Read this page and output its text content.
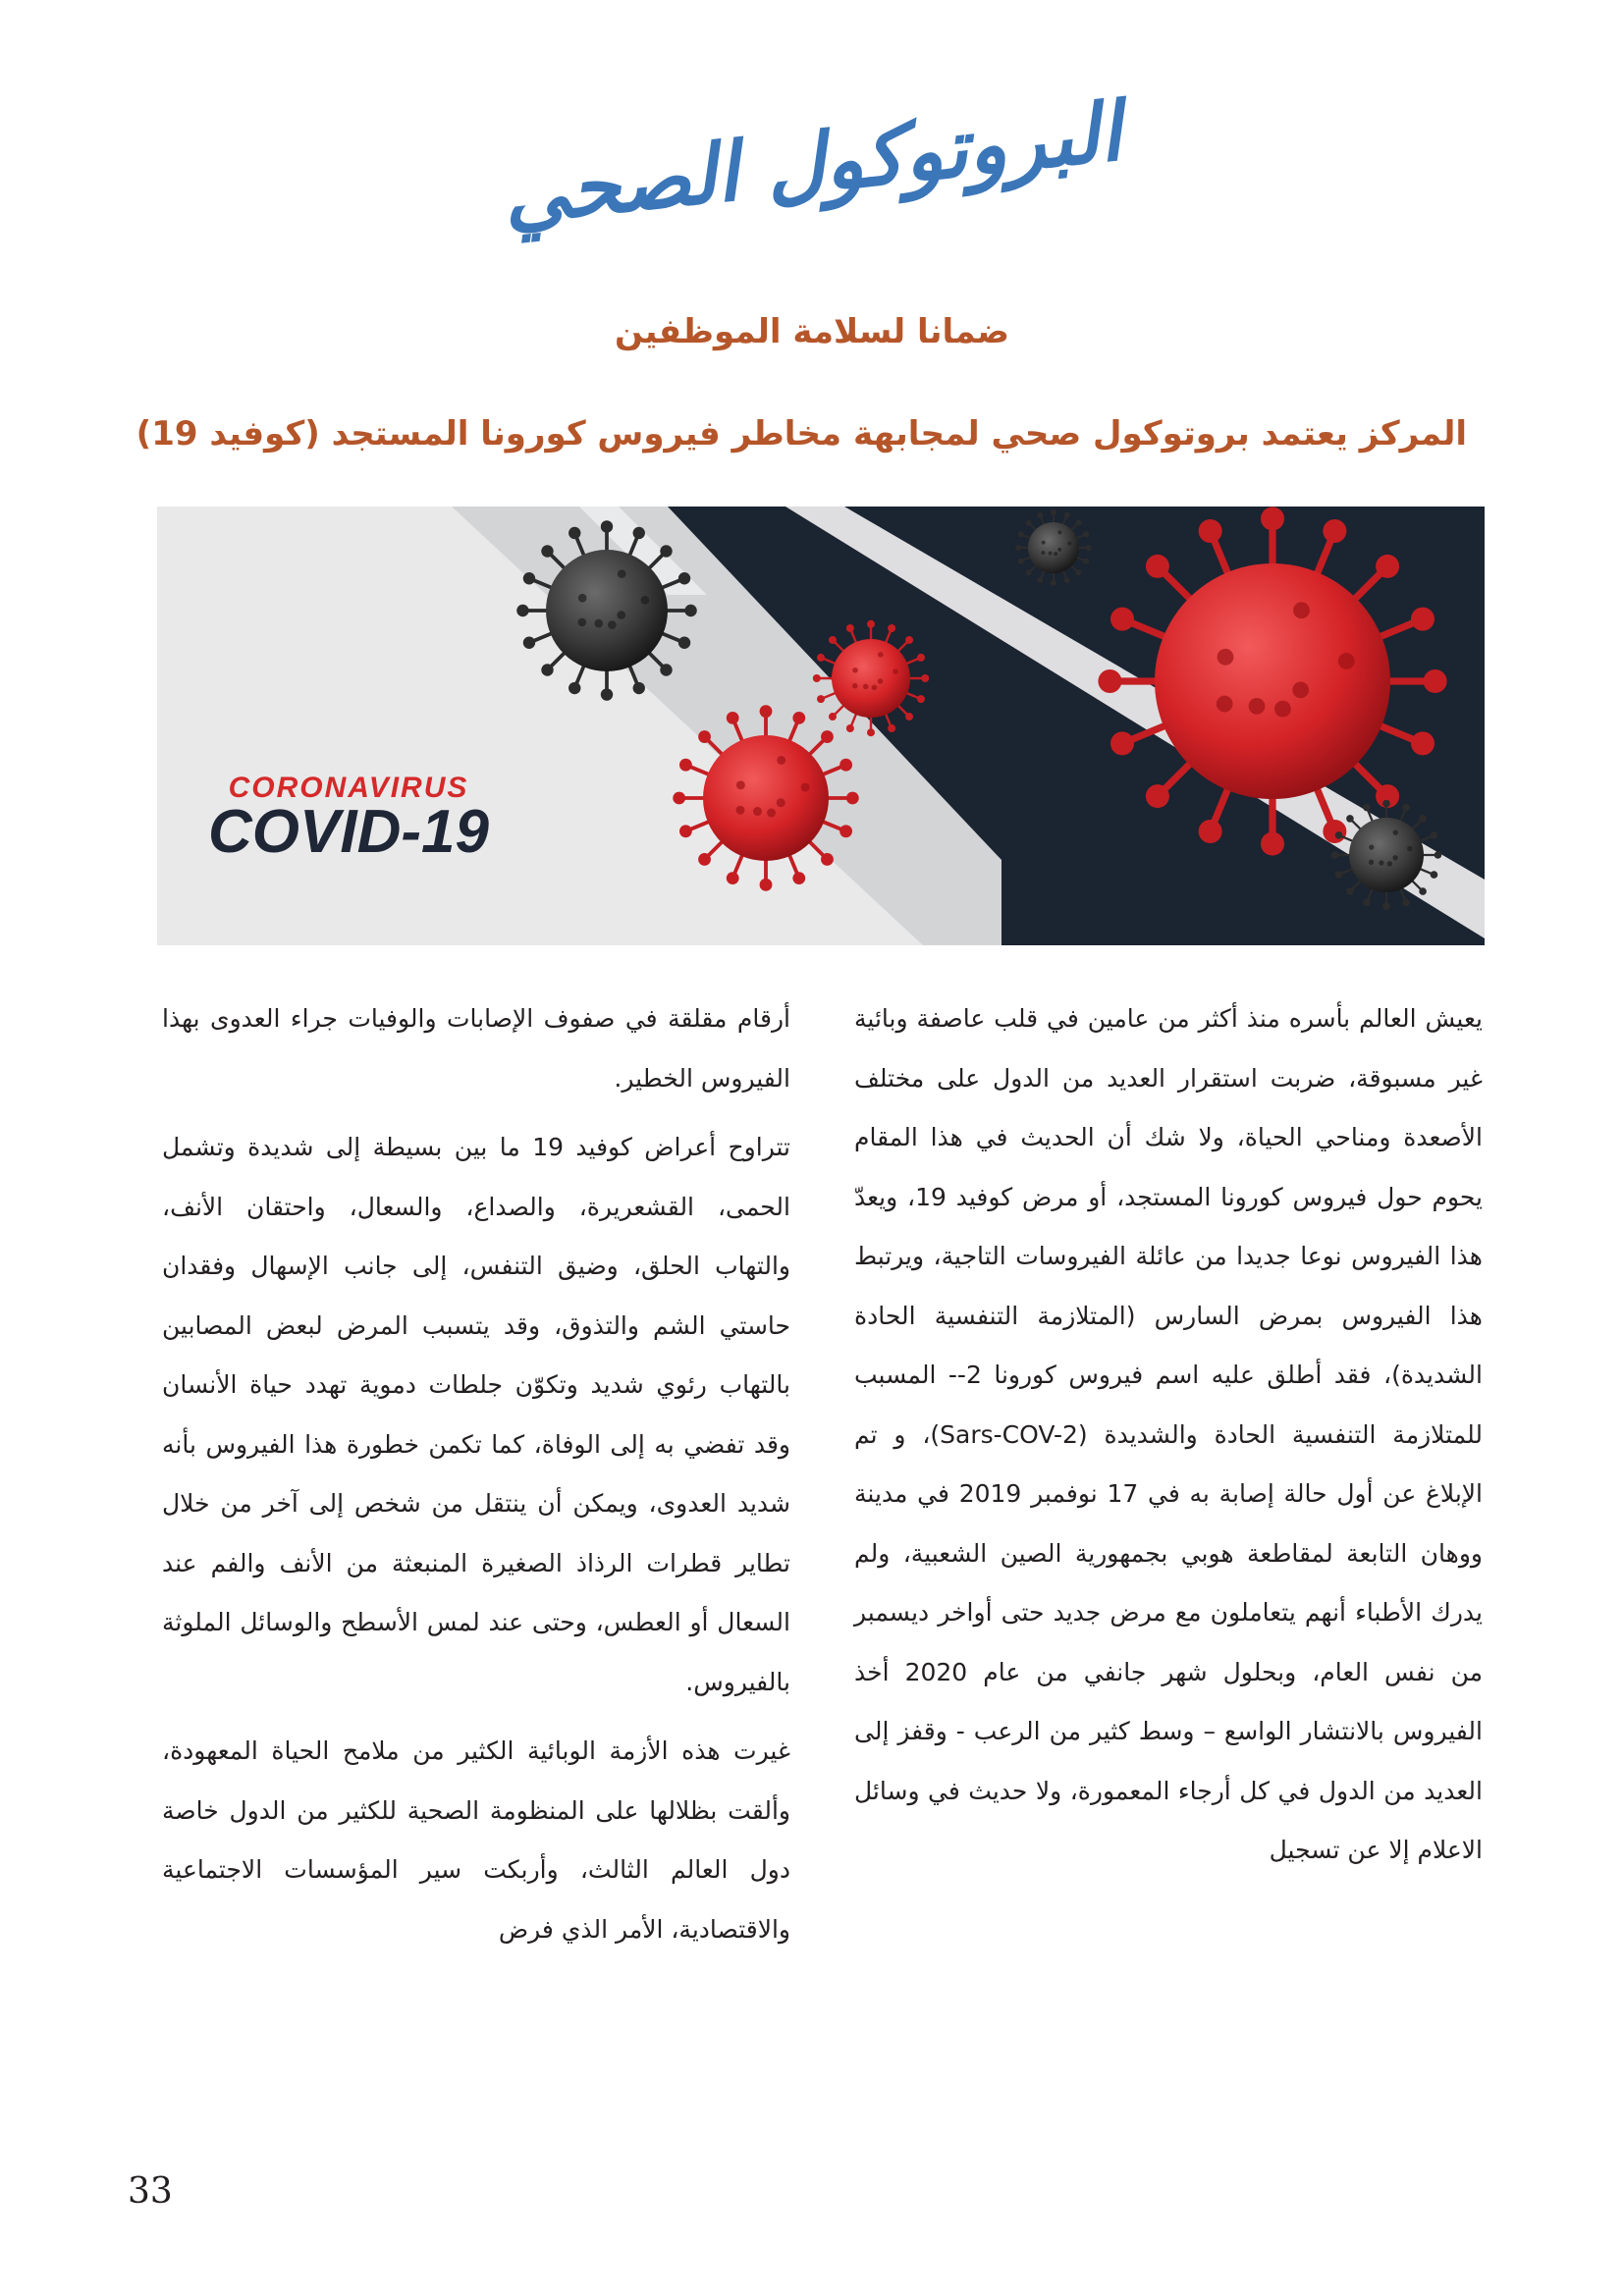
البروتوكول الصحي
ضمانا لسلامة الموظفين
المركز يعتمد بروتوكول صحي لمجابهة مخاطر فيروس كورونا المستجد (كوفيد 19)
CORONAVIRUS
COVID-19

يعيش العالم بأسره منذ أكثر من عامين في قلب عاصفة وبائية غير مسبوقة، ضربت استقرار العديد من الدول على مختلف الأصعدة ومناحي الحياة، ولا شك أن الحديث في هذا المقام يحوم حول فيروس كورونا المستجد، أو مرض كوفيد 19، ويعدّ هذا الفيروس نوعا جديدا من عائلة الفيروسات التاجية، ويرتبط هذا الفيروس بمرض السارس (المتلازمة التنفسية الحادة الشديدة)، فقد أطلق عليه اسم فيروس كورونا 2-- المسبب للمتلازمة التنفسية الحادة والشديدة (Sars-COV-2)، و تم الإبلاغ عن أول حالة إصابة به في 17 نوفمبر 2019 في مدينة ووهان التابعة لمقاطعة هوبي بجمهورية الصين الشعبية، ولم يدرك الأطباء أنهم يتعاملون مع مرض جديد حتى أواخر ديسمبر من نفس العام، وبحلول شهر جانفي من عام 2020 أخذ الفيروس بالانتشار الواسع – وسط كثير من الرعب - وقفز إلى العديد من الدول في كل أرجاء المعمورة، ولا حديث في وسائل الاعلام إلا عن تسجيل

أرقام مقلقة في صفوف الإصابات والوفيات جراء العدوى بهذا الفيروس الخطير.

تتراوح أعراض كوفيد 19 ما بين بسيطة إلى شديدة وتشمل الحمى، القشعريرة، والصداع، والسعال، واحتقان الأنف، والتهاب الحلق، وضيق التنفس، إلى جانب الإسهال وفقدان حاستي الشم والتذوق، وقد يتسبب المرض لبعض المصابين بالتهاب رئوي شديد وتكوّن جلطات دموية تهدد حياة الأنسان وقد تفضي به إلى الوفاة، كما تكمن خطورة هذا الفيروس بأنه شديد العدوى، ويمكن أن ينتقل من شخص إلى آخر من خلال تطاير قطرات الرذاذ الصغيرة المنبعثة من الأنف والفم عند السعال أو العطس، وحتى عند لمس الأسطح والوسائل الملوثة بالفيروس.

غيرت هذه الأزمة الوبائية الكثير من ملامح الحياة المعهودة، وألقت بظلالها على المنظومة الصحية للكثير من الدول خاصة دول العالم الثالث، وأربكت سير المؤسسات الاجتماعية والاقتصادية، الأمر الذي فرض

33
